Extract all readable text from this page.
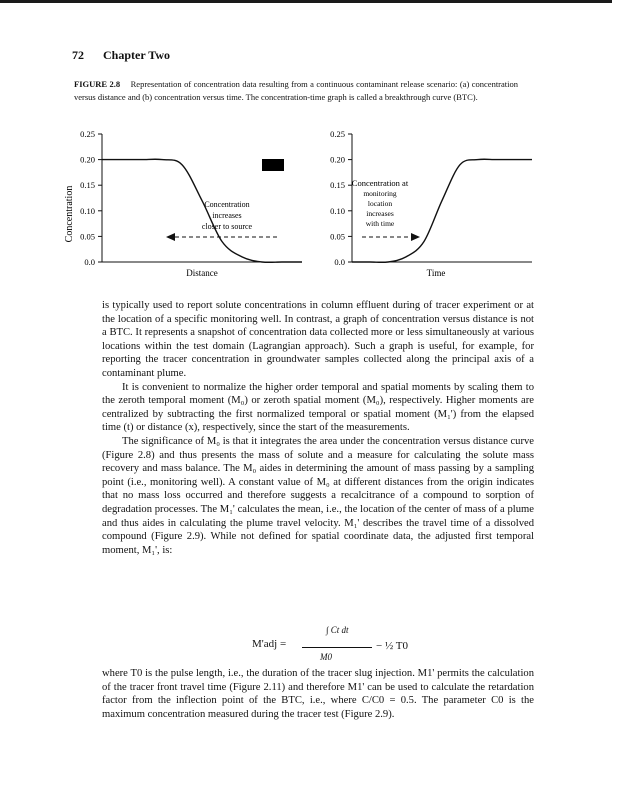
72 Chapter Two
FIGURE 2.8 Representation of concentration data resulting from a continuous contaminant release scenario: (a) concentration versus distance and (b) concentration versus time. The concentration-time graph is called a breakthrough curve (BTC).
Concentration
0.25
0.20
0.15
0.10
0.05
0.0
Concentration
increases
closer to source
Distance
0.25
0.20
0.15
0.10
0.05
0.0
Concentration at
monitoring
location
increases
with time
Time

is typically used to report solute concentrations in column effluent during of tracer experiment or at the location of a specific monitoring well. In contrast, a graph of concentration versus distance is not a BTC. It represents a snapshot of concentration data collected more or less simultaneously at various locations within the test domain (Lagrangian approach). Such a graph is useful, for example, for reporting the tracer concentration in groundwater samples collected along the principal axis of a contaminant plume.

It is convenient to normalize the higher order temporal and spatial moments by scaling them to the zeroth temporal moment (M₀) or zeroth spatial moment (M₀), respectively. Higher moments are centralized by subtracting the first normalized temporal or spatial moment (M₁') from the elapsed time (t) or distance (x), respectively, since the start of the measurements.

The significance of M₀ is that it integrates the area under the concentration versus distance curve (Figure 2.8) and thus presents the mass of solute and a measure for calculating the solute mass recovery and mass balance. The M₀ aides in determining the amount of mass passing by a sampling point (i.e., monitoring well). A constant value of M₀ at different distances from the origin indicates that no mass loss occurred and therefore suggests a recalcitrance of a compound to sorption of degradation processes. The M₁' calculates the mean, i.e., the location of the center of mass of a plume and thus aides in calculating the plume travel velocity. M₁' describes the travel time of a dissolved compound (Figure 2.9). While not defined for spatial coordinate data, the adjusted first temporal moment, M₁', is:

M'adj =
∫ Ct dt
M0
− ½ T0

where T0 is the pulse length, i.e., the duration of the tracer slug injection. M1' permits the calculation of the tracer front travel time (Figure 2.11) and therefore M1' can be used to calculate the retardation factor from the inflection point of the BTC, i.e., where C/C0 = 0.5. The parameter C0 is the maximum concentration measured during the tracer test (Figure 2.9).
